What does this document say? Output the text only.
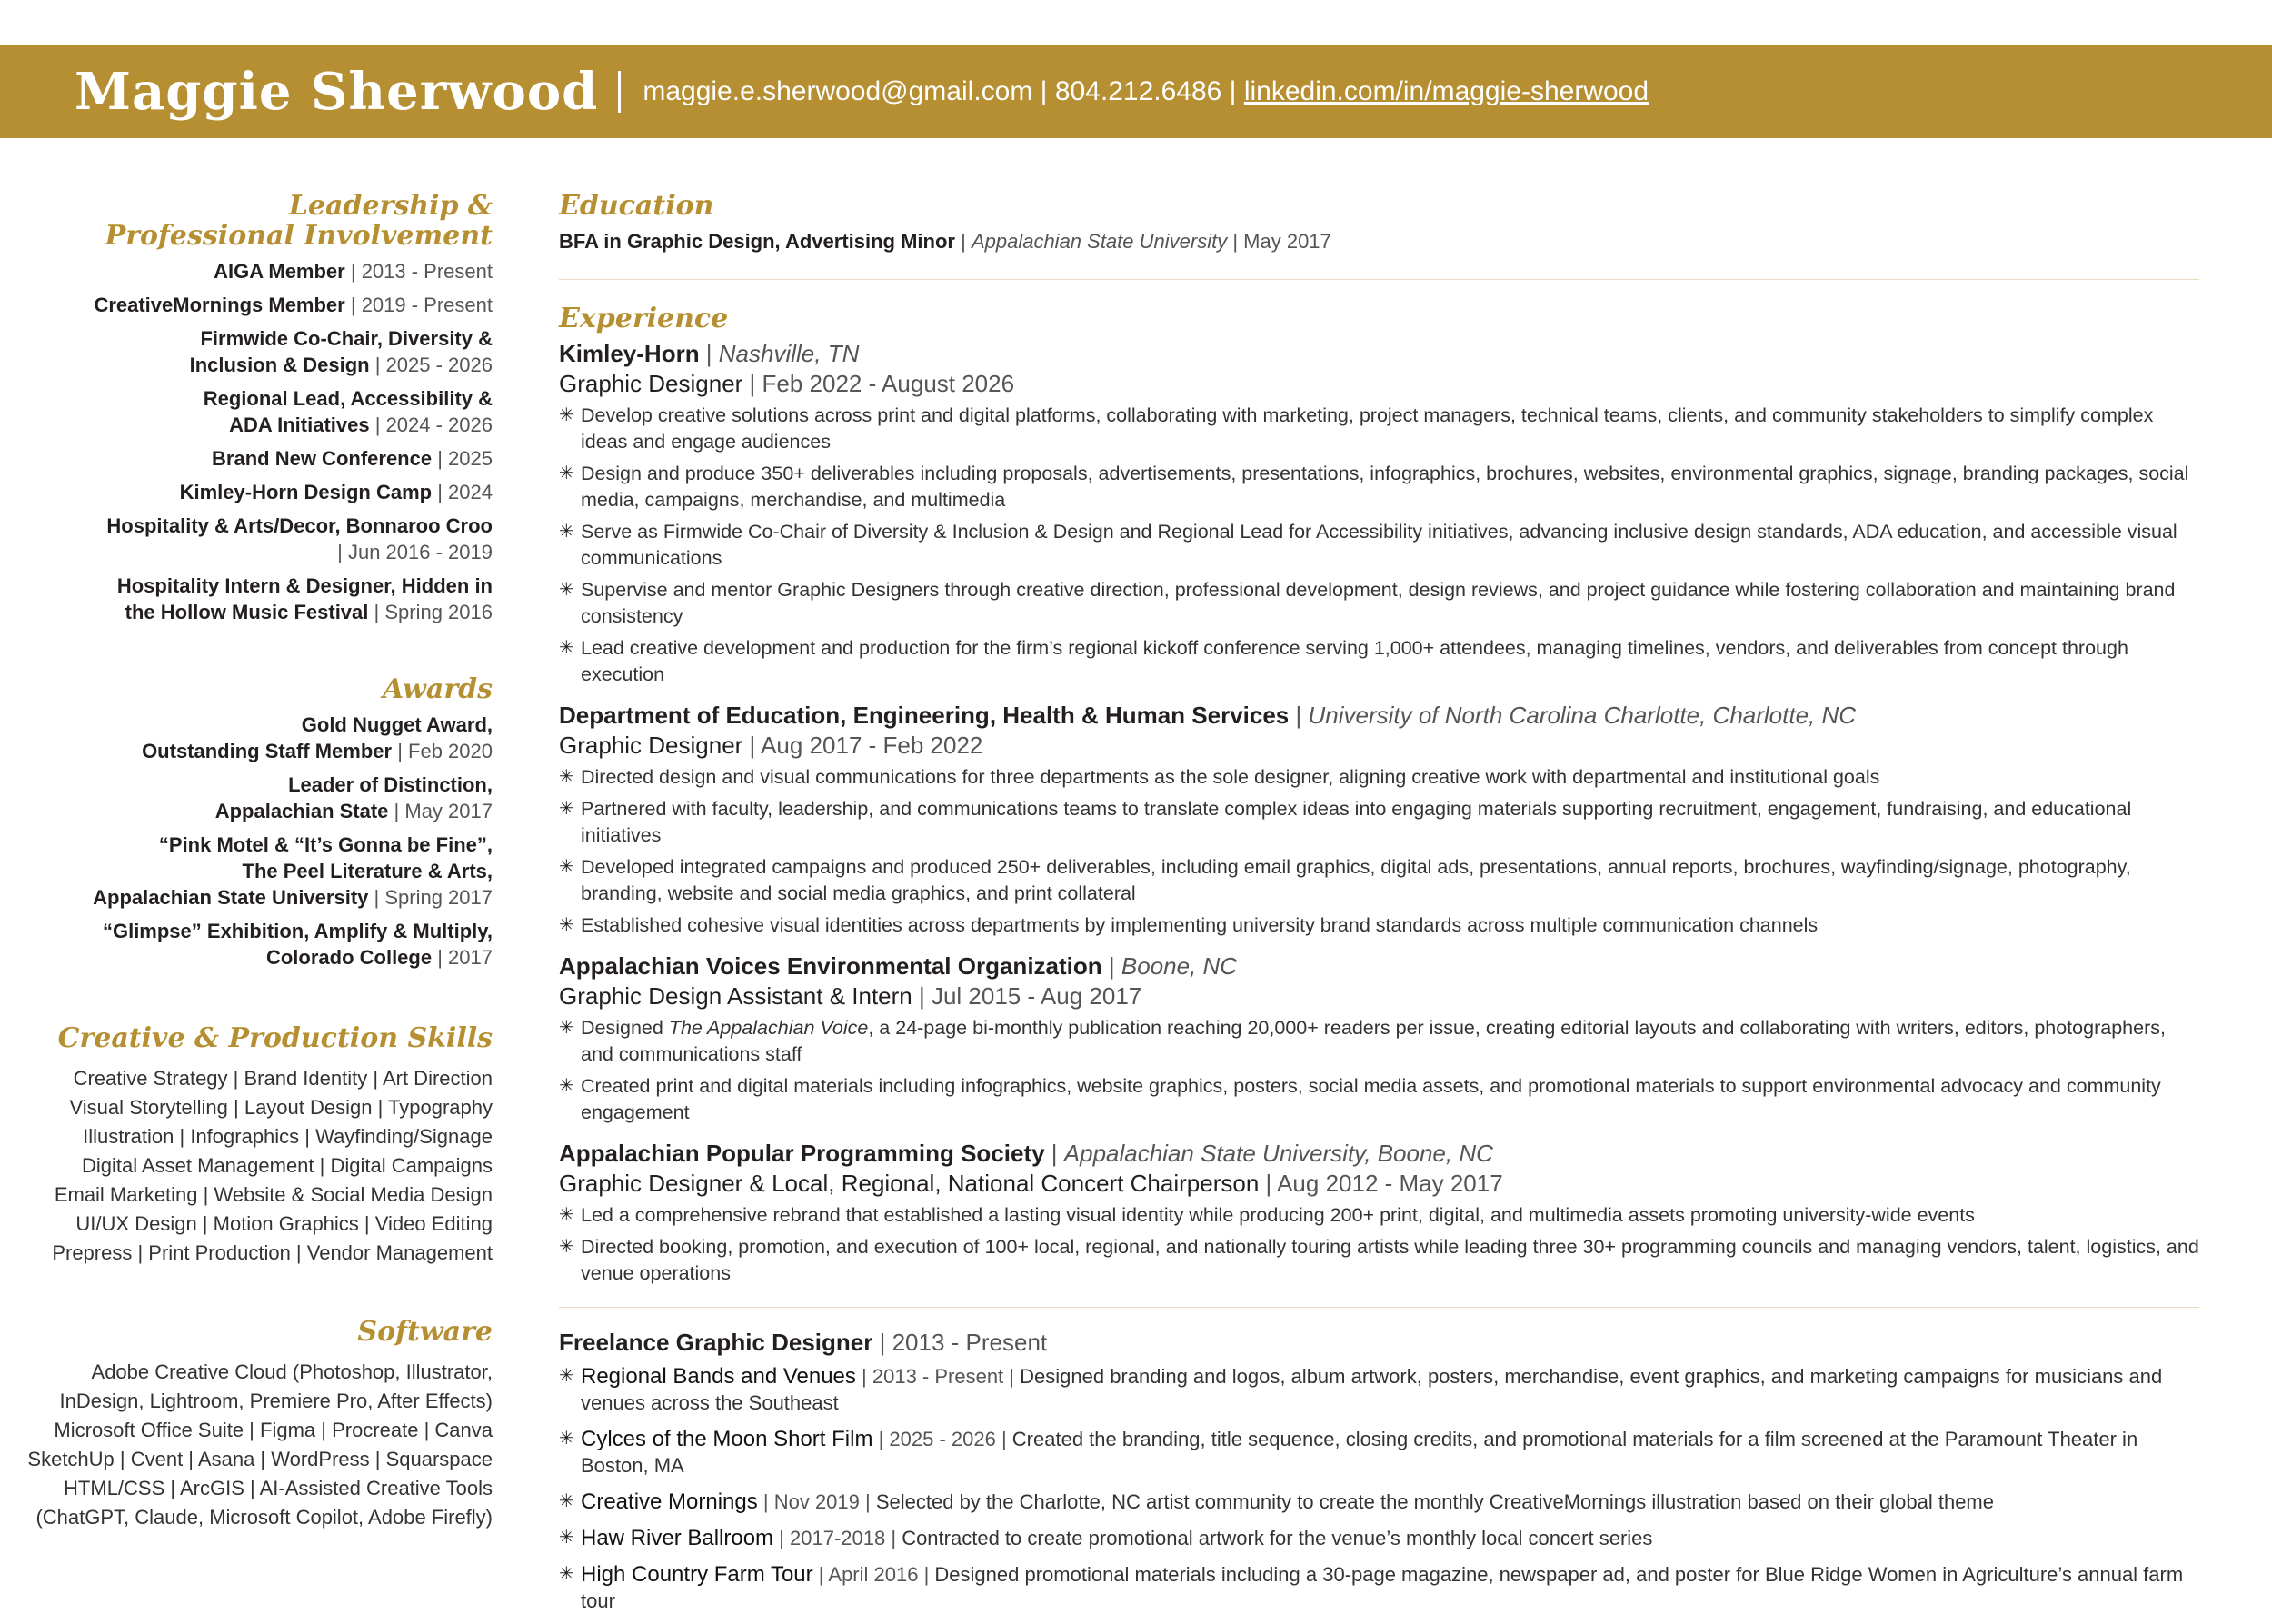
Maggie Sherwood maggie.e.sherwood@gmail.com | 804.212.6486 | linkedin.com/in/maggie-sherwood
Leadership &
Professional Involvement
AIGA Member | 2013 - Present
CreativeMornings Member | 2019 - Present
Firmwide Co-Chair, Diversity &
Inclusion & Design | 2025 - 2026
Regional Lead, Accessibility &
ADA Initiatives | 2024 - 2026
Brand New Conference | 2025
Kimley-Horn Design Camp | 2024
Hospitality & Arts/Decor, Bonnaroo Croo
| Jun 2016 - 2019
Hospitality Intern & Designer, Hidden in
the Hollow Music Festival | Spring 2016
Awards
Gold Nugget Award,
Outstanding Staff Member | Feb 2020
Leader of Distinction,
Appalachian State | May 2017
“Pink Motel & “It’s Gonna be Fine”,
The Peel Literature & Arts,
Appalachian State University | Spring 2017
“Glimpse” Exhibition, Amplify & Multiply,
Colorado College | 2017
Creative & Production Skills
Creative Strategy | Brand Identity | Art Direction
Visual Storytelling | Layout Design | Typography
Illustration | Infographics | Wayfinding/Signage
Digital Asset Management | Digital Campaigns
Email Marketing | Website & Social Media Design
UI/UX Design | Motion Graphics | Video Editing
Prepress | Print Production | Vendor Management
Software
Adobe Creative Cloud (Photoshop, Illustrator,
InDesign, Lightroom, Premiere Pro, After Effects)
Microsoft Office Suite | Figma | Procreate | Canva
SketchUp | Cvent | Asana | WordPress | Squarspace
HTML/CSS | ArcGIS | AI-Assisted Creative Tools
(ChatGPT, Claude, Microsoft Copilot, Adobe Firefly)
Education
BFA in Graphic Design, Advertising Minor | Appalachian State University | May 2017
Experience
Kimley-Horn | Nashville, TN
Graphic Designer | Feb 2022 - August 2026
✳ Develop creative solutions across print and digital platforms, collaborating with marketing, project managers, technical teams, clients, and community stakeholders to simplify complex ideas and engage audiences
✳ Design and produce 350+ deliverables including proposals, advertisements, presentations, infographics, brochures, websites, environmental graphics, signage, branding packages, social media, campaigns, merchandise, and multimedia
✳ Serve as Firmwide Co-Chair of Diversity & Inclusion & Design and Regional Lead for Accessibility initiatives, advancing inclusive design standards, ADA education, and accessible visual communications
✳ Supervise and mentor Graphic Designers through creative direction, professional development, design reviews, and project guidance while fostering collaboration and maintaining brand consistency
✳ Lead creative development and production for the firm’s regional kickoff conference serving 1,000+ attendees, managing timelines, vendors, and deliverables from concept through execution
Department of Education, Engineering, Health & Human Services | University of North Carolina Charlotte, Charlotte, NC
Graphic Designer | Aug 2017 - Feb 2022
✳ Directed design and visual communications for three departments as the sole designer, aligning creative work with departmental and institutional goals
✳ Partnered with faculty, leadership, and communications teams to translate complex ideas into engaging materials supporting recruitment, engagement, fundraising, and educational initiatives
✳ Developed integrated campaigns and produced 250+ deliverables, including email graphics, digital ads, presentations, annual reports, brochures, wayfinding/signage, photography, branding, website and social media graphics, and print collateral
✳ Established cohesive visual identities across departments by implementing university brand standards across multiple communication channels
Appalachian Voices Environmental Organization | Boone, NC
Graphic Design Assistant & Intern | Jul 2015 - Aug 2017
✳ Designed The Appalachian Voice, a 24-page bi-monthly publication reaching 20,000+ readers per issue, creating editorial layouts and collaborating with writers, editors, photographers, and communications staff
✳ Created print and digital materials including infographics, website graphics, posters, social media assets, and promotional materials to support environmental advocacy and community engagement
Appalachian Popular Programming Society | Appalachian State University, Boone, NC
Graphic Designer & Local, Regional, National Concert Chairperson | Aug 2012 - May 2017
✳ Led a comprehensive rebrand that established a lasting visual identity while producing 200+ print, digital, and multimedia assets promoting university-wide events
✳ Directed booking, promotion, and execution of 100+ local, regional, and nationally touring artists while leading three 30+ programming councils and managing vendors, talent, logistics, and venue operations
Freelance Graphic Designer | 2013 - Present
✳ Regional Bands and Venues | 2013 - Present | Designed branding and logos, album artwork, posters, merchandise, event graphics, and marketing campaigns for musicians and venues across the Southeast
✳ Cylces of the Moon Short Film | 2025 - 2026 | Created the branding, title sequence, closing credits, and promotional materials for a film screened at the Paramount Theater in Boston, MA
✳ Creative Mornings | Nov 2019 | Selected by the Charlotte, NC artist community to create the monthly CreativeMornings illustration based on their global theme
✳ Haw River Ballroom | 2017-2018 | Contracted to create promotional artwork for the venue’s monthly local concert series
✳ High Country Farm Tour | April 2016 | Designed promotional materials including a 30-page magazine, newspaper ad, and poster for Blue Ridge Women in Agriculture’s annual farm tour
